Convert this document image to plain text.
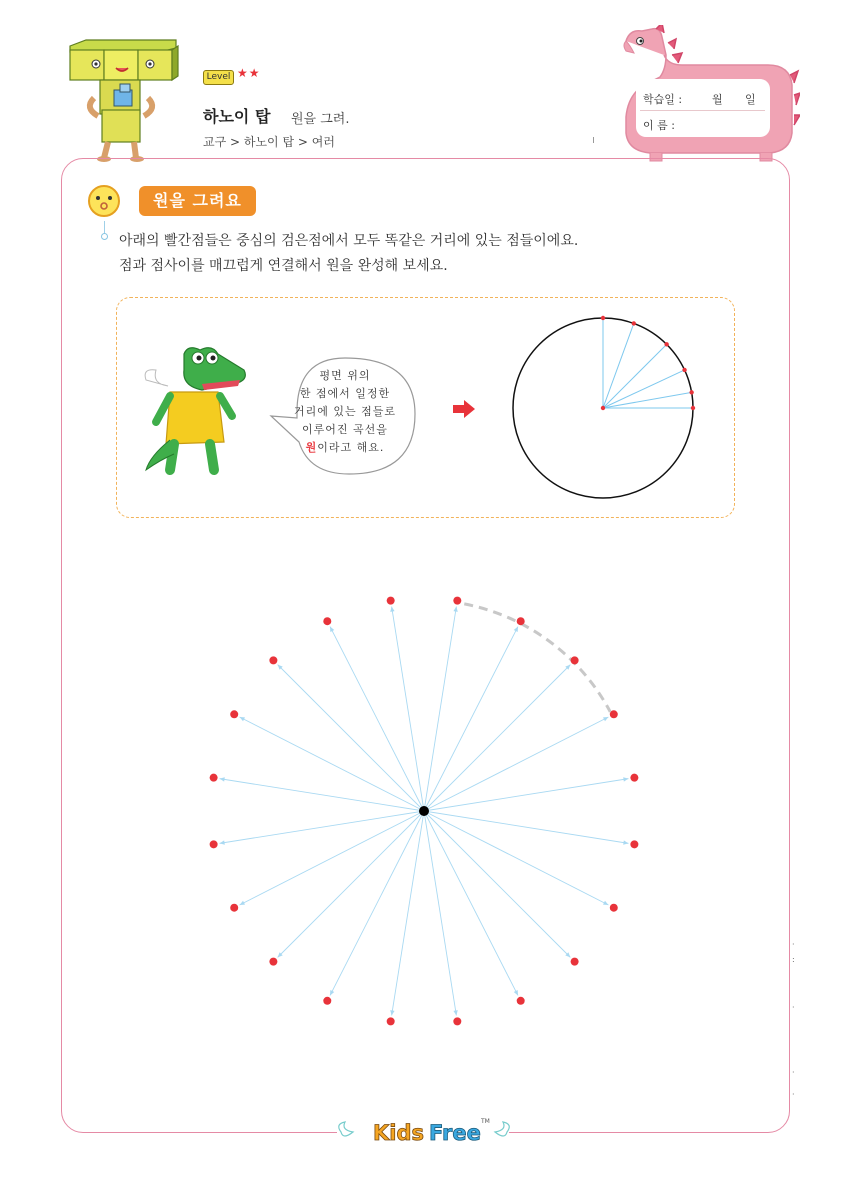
Level ★★
하노이 탑 원을 그려.
교구 > 하노이 탑 > 여러
학습일 :	월 일
이 름 :
원을 그려요
아래의 빨간점들은 중심의 검은점에서 모두 똑같은 거리에 있는 점들이에요.
점과 점사이를 매끄럽게 연결해서 원을 완성해 보세요.
평면 위의
한 점에서 일정한
거리에 있는 점들로
이루어진 곡선을
원이라고 해요.
Kids Free TM
·
:
·
·
·
